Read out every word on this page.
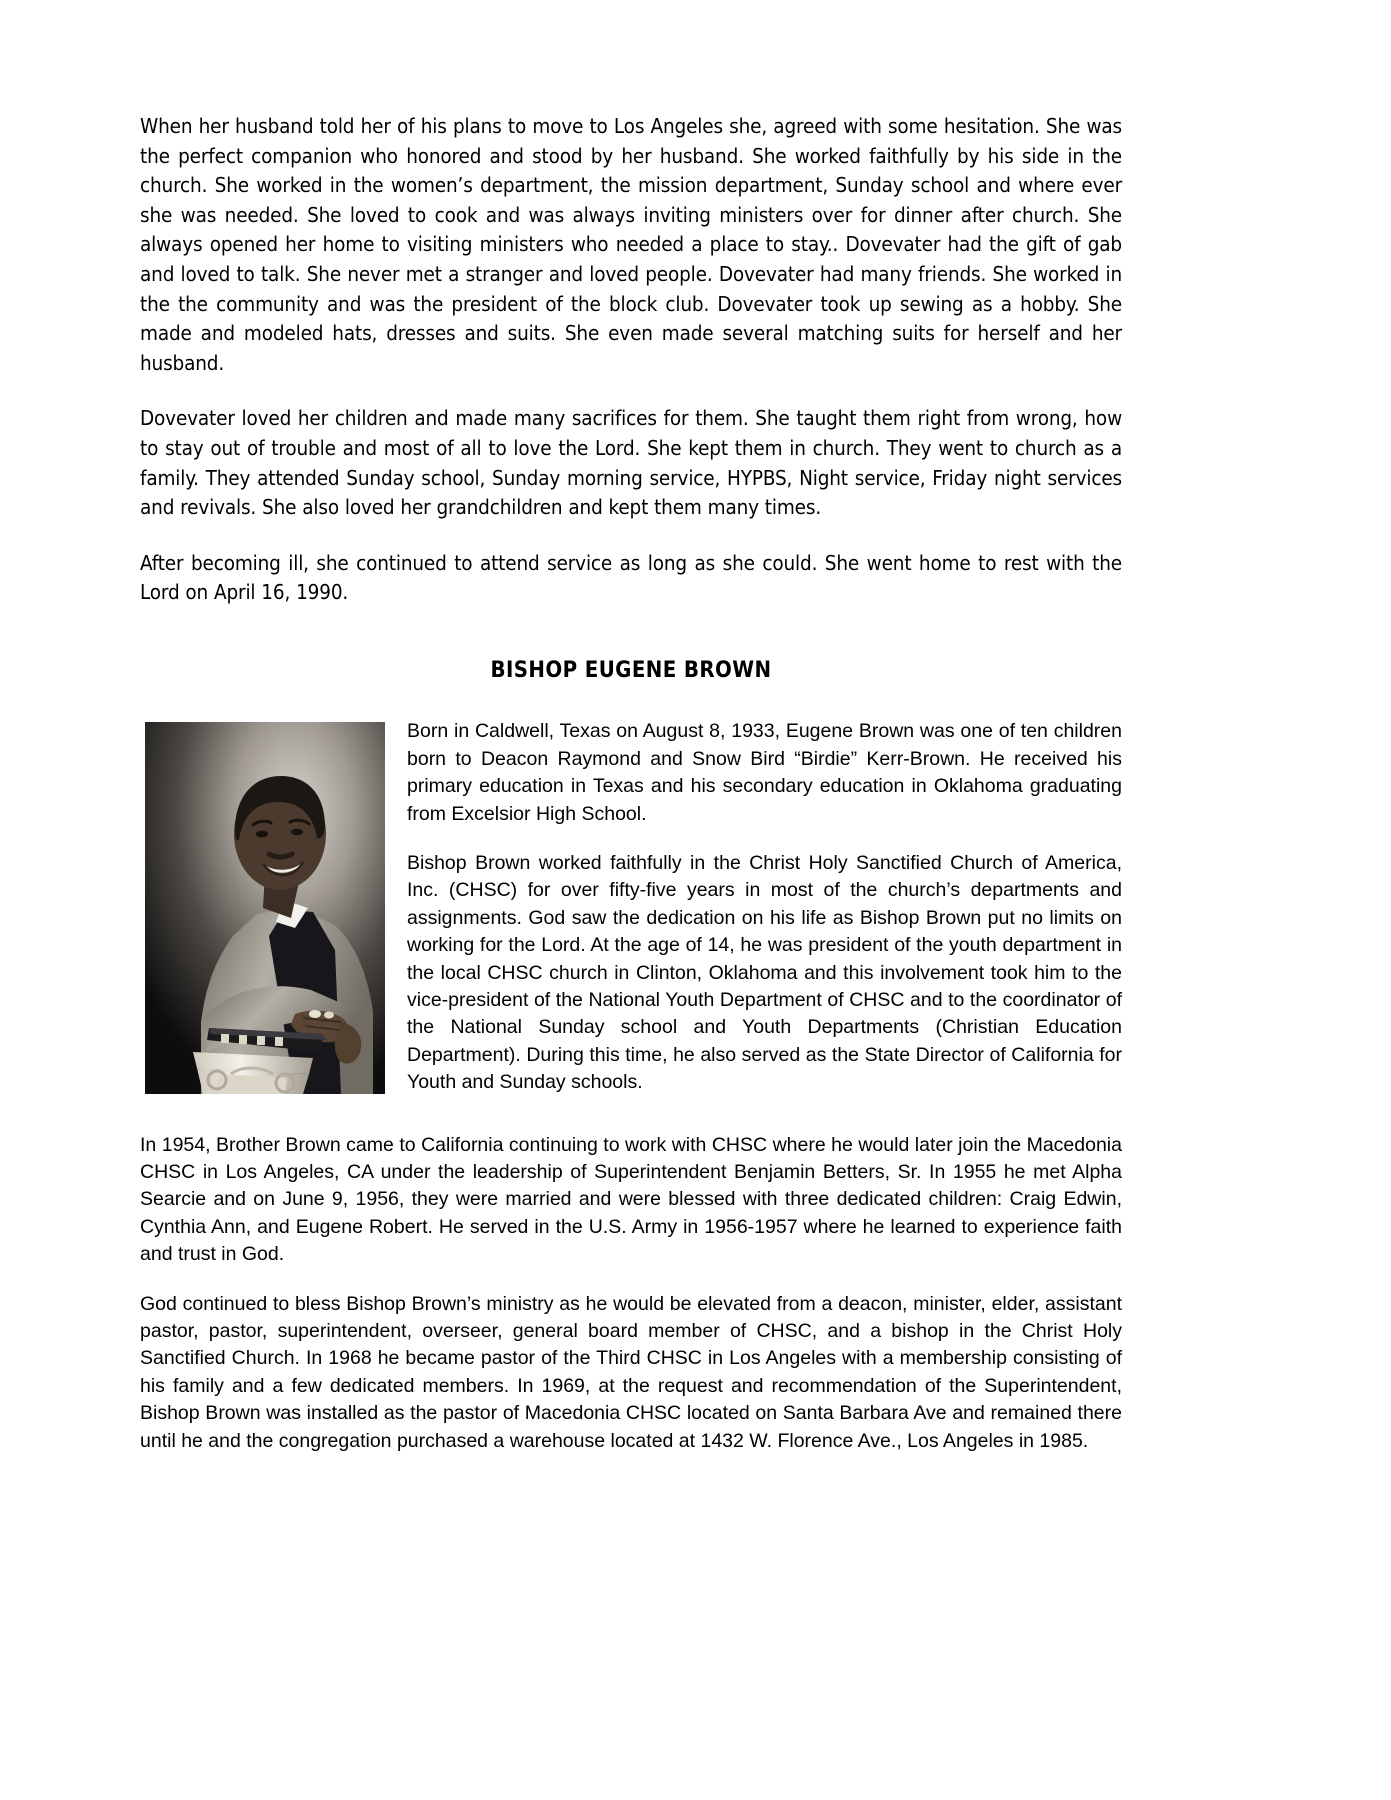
When her husband told her of his plans to move to Los Angeles she, agreed with some hesitation. She was the perfect companion who honored and stood by her husband. She worked faithfully by his side in the church. She worked in the women’s department, the mission department, Sunday school and where ever she was needed. She loved to cook and was always inviting ministers over for dinner after church. She always opened her home to visiting ministers who needed a place to stay.. Dovevater had the gift of gab and loved to talk. She never met a stranger and loved people. Dovevater had many friends. She worked in the the community and was the president of the block club. Dovevater took up sewing as a hobby. She made and modeled hats, dresses and suits. She even made several matching suits for herself and her husband.

Dovevater loved her children and made many sacrifices for them. She taught them right from wrong, how to stay out of trouble and most of all to love the Lord. She kept them in church. They went to church as a family. They attended Sunday school, Sunday morning service, HYPBS, Night service, Friday night services and revivals. She also loved her grandchildren and kept them many times.

After becoming ill, she continued to attend service as long as she could. She went home to rest with the Lord on April 16, 1990.

BISHOP EUGENE BROWN

Born in Caldwell, Texas on August 8, 1933, Eugene Brown was one of ten children born to Deacon Raymond and Snow Bird “Birdie” Kerr-Brown. He received his primary education in Texas and his secondary education in Oklahoma graduating from Excelsior High School.

Bishop Brown worked faithfully in the Christ Holy Sanctified Church of America, Inc. (CHSC) for over fifty-five years in most of the church’s departments and assignments. God saw the dedication on his life as Bishop Brown put no limits on working for the Lord. At the age of 14, he was president of the youth department in the local CHSC church in Clinton, Oklahoma and this involvement took him to the vice-president of the National Youth Department of CHSC and to the coordinator of the National Sunday school and Youth Departments (Christian Education Department). During this time, he also served as the State Director of California for Youth and Sunday schools.

In 1954, Brother Brown came to California continuing to work with CHSC where he would later join the Macedonia CHSC in Los Angeles, CA under the leadership of Superintendent Benjamin Betters, Sr. In 1955 he met Alpha Searcie and on June 9, 1956, they were married and were blessed with three dedicated children: Craig Edwin, Cynthia Ann, and Eugene Robert. He served in the U.S. Army in 1956-1957 where he learned to experience faith and trust in God.

God continued to bless Bishop Brown’s ministry as he would be elevated from a deacon, minister, elder, assistant pastor, pastor, superintendent, overseer, general board member of CHSC, and a bishop in the Christ Holy Sanctified Church. In 1968 he became pastor of the Third CHSC in Los Angeles with a membership consisting of his family and a few dedicated members. In 1969, at the request and recommendation of the Superintendent, Bishop Brown was installed as the pastor of Macedonia CHSC located on Santa Barbara Ave and remained there until he and the congregation purchased a warehouse located at 1432 W. Florence Ave., Los Angeles in 1985.
